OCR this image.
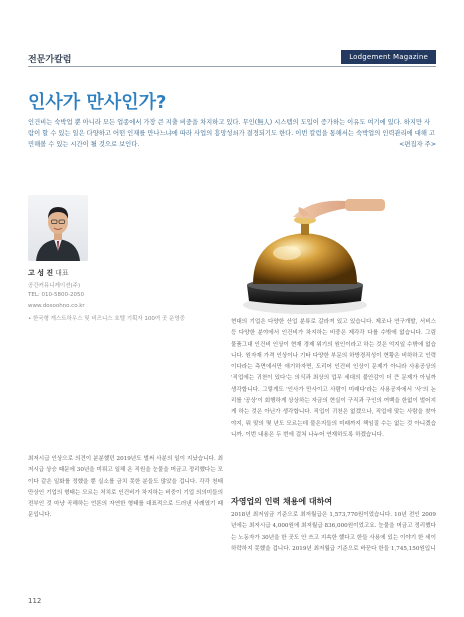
전문가칼럼	Lodgement Magazine
인사가 만사인가?
인건비는 숙박업 뿐 아니라 모든 업종에서 가장 큰 지출 비중을 차지하고 있다. 무인(無人) 시스템의 도입이 증가하는 이유도 여기에 있다. 하지만 사람이 할 수 있는 일은 다양하고 어떤 인재를 만나느냐에 따라 사업의 흥망성쇠가 결정되기도 한다. 이번 칼럼을 통해서는 숙박업의 인력관리에 대해 고민해볼 수 있는 시간이 될 것으로 보인다.	<편집자 주>
고 성 진 대표
공간커뮤니케이션(주)
TEL: 010-5800-2050
www.dosoohno.co.kr
• 한국형 게스트하우스 및 비즈니스 호텔 기획자 100여 곳 운영중	현대의 기업은 다양한 산업 분류로 갈라져 있고 있습니다. 제조나 연구개발, 서비스 등 다양한 분야에서 인건비가 차지하는 비중은 제각각 다를 수밖에 없습니다. 그림 물품그대 인건비 인상이 현재 경제 위기의 원인이라고 하는 것은 억지일 수밖에 없습니다. 원자재 가격 인상이나 기타 다양한 부문의 하방경직성이 현황은 비하하고 인력이다라는 측면에서만 애기하자면, 도리어 인건비 인상이 문제가 아니라 사용공상의 '직업에는 귀천이 있다'는 의식과 최상의 업무 세대의 불안감이 더 큰 문제가 아닐까 생각합니다. 그렇게도 '인사가 만사이고 사람이 미래다'라는 사용공자에서 '사'의 논리를 '공상'이 회행하게 상상하는 자금의 현실이 구직과 구인의 여백을 한없이 벌어지게 하는 것은 아닌가 생각합니다. 직업이 귀천은 없겠으나, 직업에 맞는 사람을 찾아야지, 뭐 맞의 몇 년도 모르는데 불은지들의 미래까지 책임질 수는 없는 것 아니겠습니까. 이번 내용은 두 번에 걸쳐 나누어 연재하도록 하겠습니다.
최저시급 인상으로 의견이 분분했던 2019년도 벌써 사분의 일이 지났습니다. 최저시급 상승 때문에 30년을 미뤄고 일해 온 직원을 눈물을 머금고 정리했다는 모이다 같은 일화를 정했을 뿐 실소를 금치 못한 분들도 많았을 겁니다. 각각 천태만상인 기업의 형태는 모르는 처치로 인건비가 차지하는 비중이 기업 의의미들의 전부인 것 마냥 곡해하는 언론의 자연한 형태를 대표적으로 드러낸 사례였기 때문입니다.
자영업의 인력 채용에 대하여
2018년 최저임금 기준으로 최저월급은 1,573,770원이었습니다. 10년 전인 2009년에는 최저시급 4,000원에 최저월급 836,000원이었고요. 눈물을 머금고 정리했다는 노동자가 30년을 한 곳도 안 쓰고 지속한 했다고 한들 사용에 있는 이야기 한 세이 하락하지 못했을 겁니다. 2019년 최저월급 기준으로 바꾼다 한들 1,745,150원입니
112
